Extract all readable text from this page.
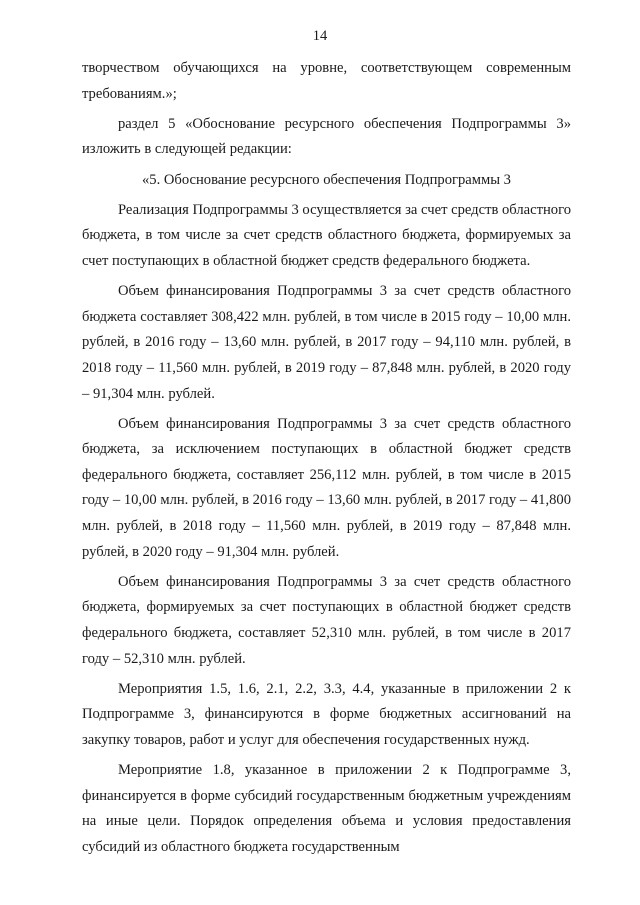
14

творчеством обучающихся на уровне, соответствующем современным требованиям.»;

раздел 5 «Обоснование ресурсного обеспечения Подпрограммы 3» изложить в следующей редакции:

«5. Обоснование ресурсного обеспечения Подпрограммы 3

Реализация Подпрограммы 3 осуществляется за счет средств областного бюджета, в том числе за счет средств областного бюджета, формируемых за счет поступающих в областной бюджет средств федерального бюджета.

Объем финансирования Подпрограммы 3 за счет средств областного бюджета составляет 308,422 млн. рублей, в том числе в 2015 году – 10,00 млн. рублей, в 2016 году – 13,60 млн. рублей, в 2017 году – 94,110 млн. рублей, в 2018 году – 11,560 млн. рублей, в 2019 году – 87,848 млн. рублей, в 2020 году – 91,304 млн. рублей.

Объем финансирования Подпрограммы 3 за счет средств областного бюджета, за исключением поступающих в областной бюджет средств федерального бюджета, составляет 256,112 млн. рублей, в том числе в 2015 году – 10,00 млн. рублей, в 2016 году – 13,60 млн. рублей, в 2017 году – 41,800 млн. рублей, в 2018 году – 11,560 млн. рублей, в 2019 году – 87,848 млн. рублей, в 2020 году – 91,304 млн. рублей.

Объем финансирования Подпрограммы 3 за счет средств областного бюджета, формируемых за счет поступающих в областной бюджет средств федерального бюджета, составляет 52,310 млн. рублей, в том числе в 2017 году – 52,310 млн. рублей.

Мероприятия 1.5, 1.6, 2.1, 2.2, 3.3, 4.4, указанные в приложении 2 к Подпрограмме 3, финансируются в форме бюджетных ассигнований на закупку товаров, работ и услуг для обеспечения государственных нужд.

Мероприятие 1.8, указанное в приложении 2 к Подпрограмме 3, финансируется в форме субсидий государственным бюджетным учреждениям на иные цели. Порядок определения объема и условия предоставления субсидий из областного бюджета государственным
